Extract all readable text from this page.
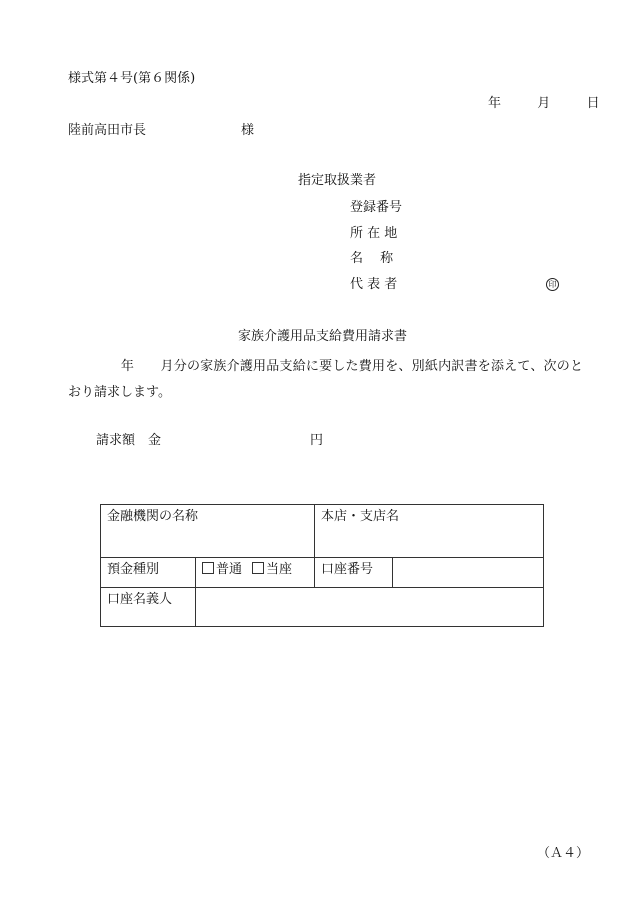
様式第４号(第６関係)
年	月	日
陸前高田市長	様
指定取扱業者
登録番号
所 在 地
名　 称
代 表 者	印
家族介護用品支給費用請求書
　　　　年　　月分の家族介護用品支給に要した費用を、別紙内訳書を添えて、次のとおり請求します。
請求額　金	円
金融機関の名称		本店・支店名	
預金種別	普通 当座	口座番号	
口座名義人			
（Ａ４）
